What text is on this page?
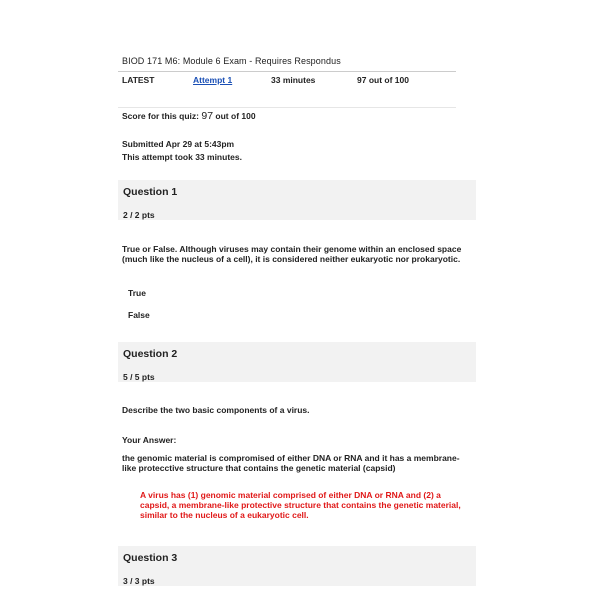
BIOD 171 M6: Module 6 Exam - Requires Respondus
LATEST	Attempt 1	33 minutes	97 out of 100
Score for this quiz: 97 out of 100
Submitted Apr 29 at 5:43pm
This attempt took 33 minutes.
Question 1
2 / 2 pts
True or False. Although viruses may contain their genome within an enclosed space (much like the nucleus of a cell), it is considered neither eukaryotic nor prokaryotic.
True
False
Question 2
5 / 5 pts
Describe the two basic components of a virus.
Your Answer:
the genomic material is compromised of either DNA or RNA and it has a membrane-like protecctive structure that contains the genetic material (capsid)
A virus has (1) genomic material comprised of either DNA or RNA and (2) a capsid, a membrane-like protective structure that contains the genetic material, similar to the nucleus of a eukaryotic cell.
Question 3
3 / 3 pts
